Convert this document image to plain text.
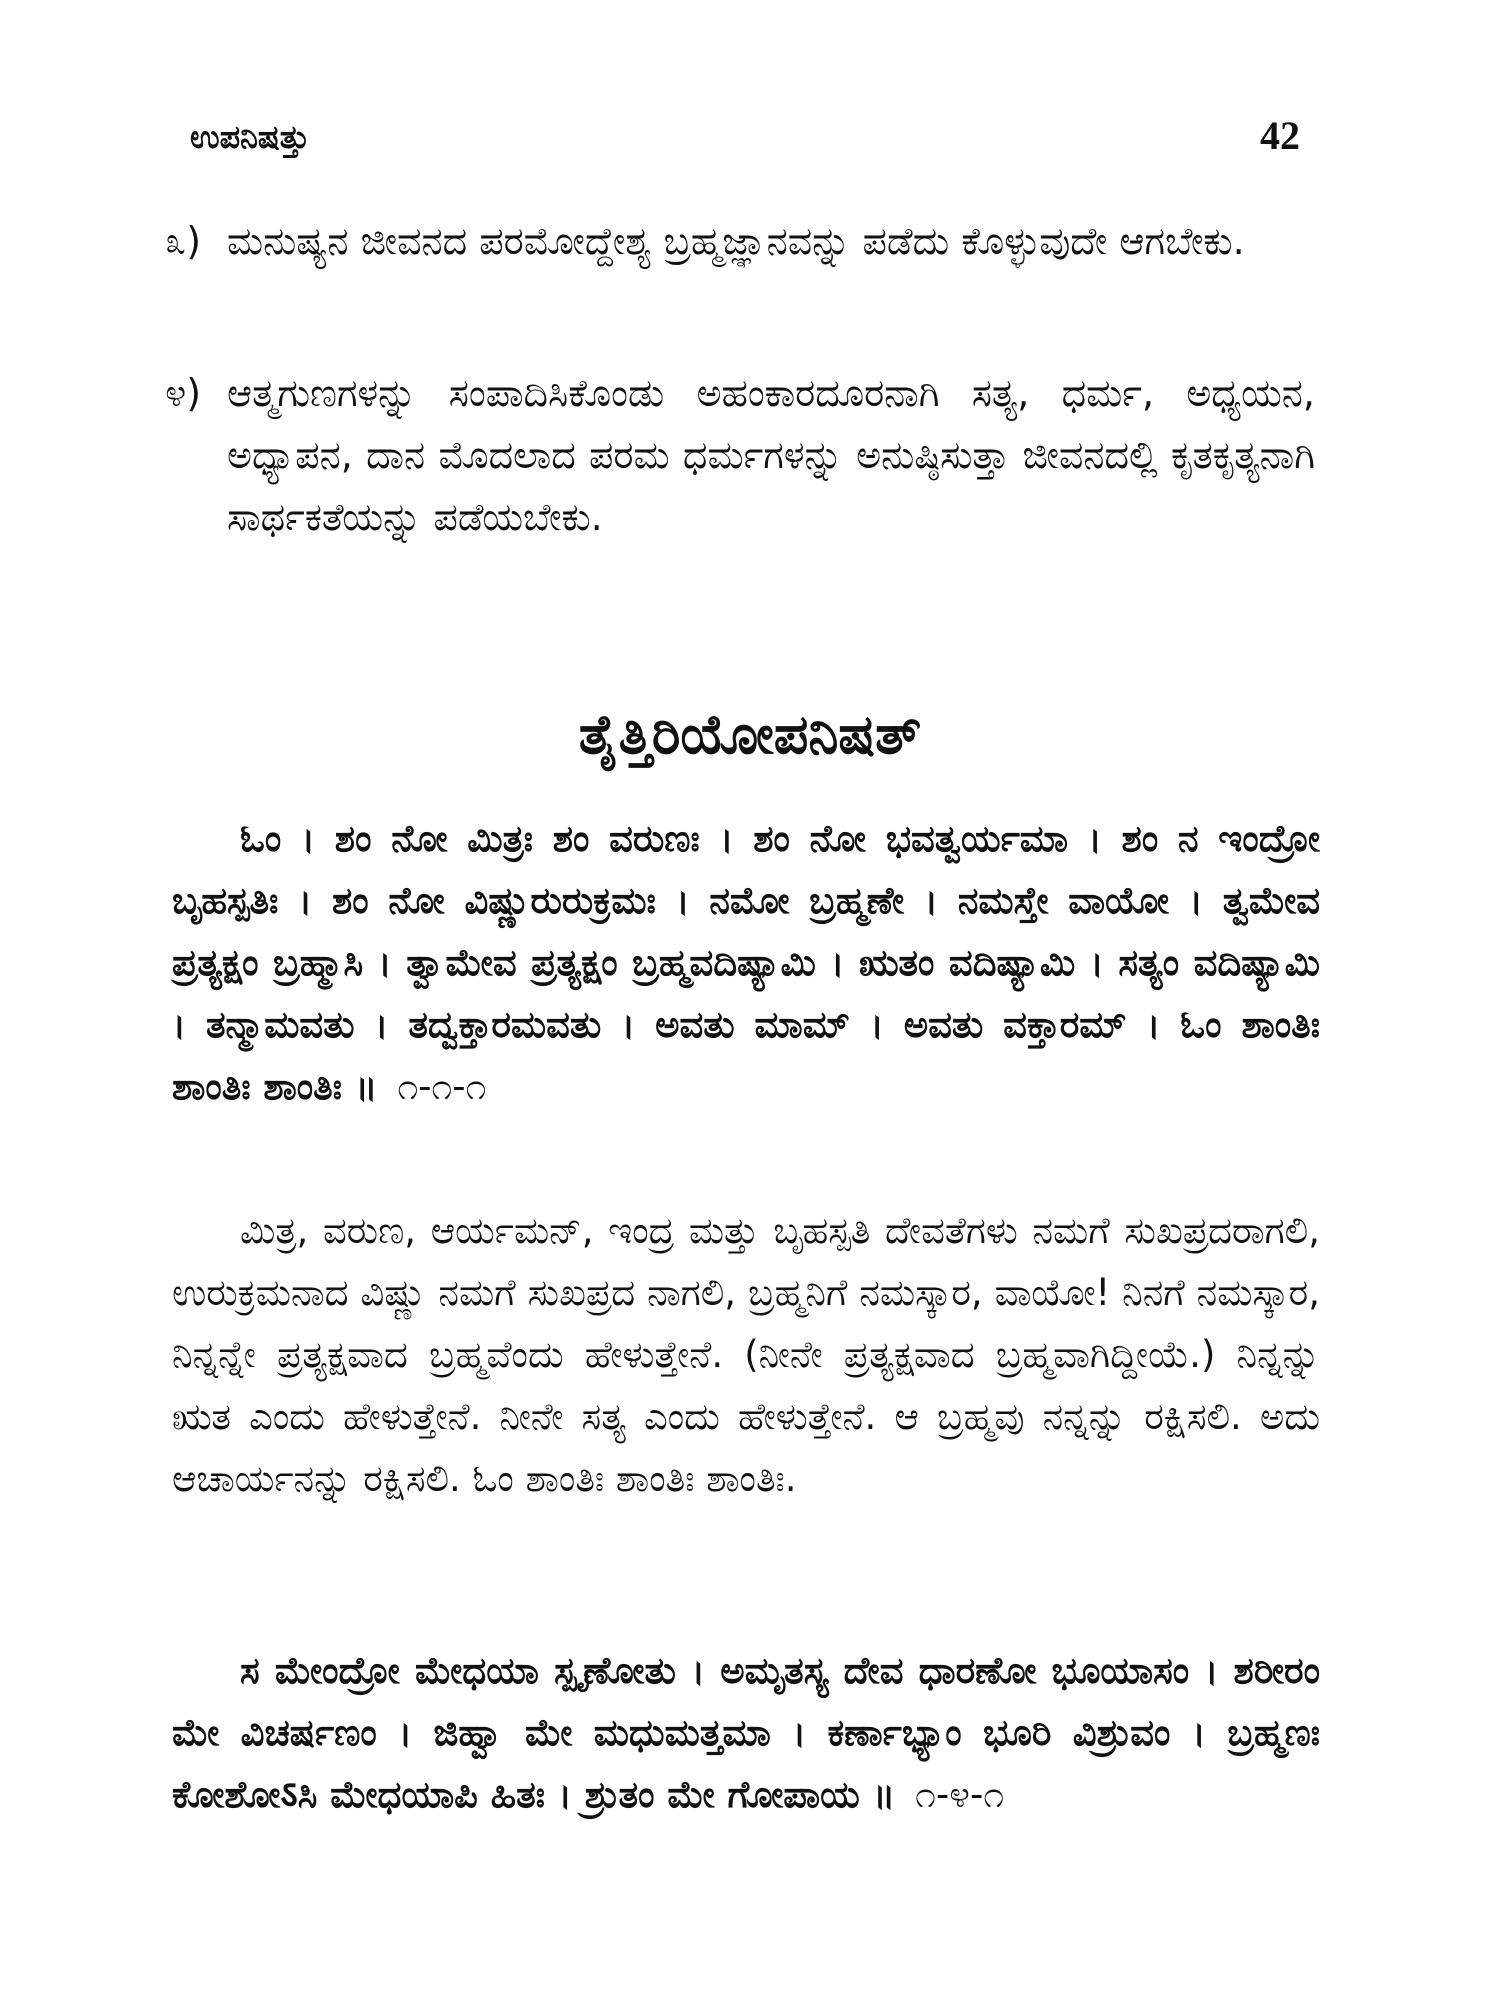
ಉಪನಿಷತ್ತು	42
೩) ಮನುಷ್ಯನ ಜೀವನದ ಪರಮೋದ್ದೇಶ್ಯ ಬ್ರಹ್ಮಜ್ಞಾನವನ್ನು ಪಡೆದು ಕೊಳ್ಳುವುದೇ ಆಗಬೇಕು.
೪) ಆತ್ಮಗುಣಗಳನ್ನು ಸಂಪಾದಿಸಿಕೊಂಡು ಅಹಂಕಾರದೂರನಾಗಿ ಸತ್ಯ, ಧರ್ಮ, ಅಧ್ಯಯನ, ಅಧ್ಯಾಪನ, ದಾನ ಮೊದಲಾದ ಪರಮ ಧರ್ಮಗಳನ್ನು ಅನುಷ್ಠಿಸುತ್ತಾ ಜೀವನದಲ್ಲಿ ಕೃತಕೃತ್ಯನಾಗಿ ಸಾರ್ಥಕತೆಯನ್ನು ಪಡೆಯಬೇಕು.
ತೈತ್ತಿರಿಯೋಪನಿಷತ್
ಓಂ । ಶಂ ನೋ ಮಿತ್ರಃ ಶಂ ವರುಣಃ । ಶಂ ನೋ ಭವತ್ವರ್ಯಮಾ । ಶಂ ನ ಇಂದ್ರೋ ಬೃಹಸ್ಪತಿಃ । ಶಂ ನೋ ವಿಷ್ಣುರುರುಕ್ರಮಃ । ನಮೋ ಬ್ರಹ್ಮಣೇ । ನಮಸ್ತೇ ವಾಯೋ । ತ್ವಮೇವ ಪ್ರತ್ಯಕ್ಷಂ ಬ್ರಹ್ಮಾಸಿ । ತ್ವಾಮೇವ ಪ್ರತ್ಯಕ್ಷಂ ಬ್ರಹ್ಮವದಿಷ್ಯಾಮಿ । ಋತಂ ವದಿಷ್ಯಾಮಿ । ಸತ್ಯಂ ವದಿಷ್ಯಾಮಿ । ತನ್ಮಾಮವತು । ತದ್ವಕ್ತಾರಮವತು । ಅವತು ಮಾಮ್ । ಅವತು ವಕ್ತಾರಮ್ । ಓಂ ಶಾಂತಿಃ ಶಾಂತಿಃ ಶಾಂತಿಃ ॥ ೧-೧-೧
ಮಿತ್ರ, ವರುಣ, ಆರ್ಯಮನ್, ಇಂದ್ರ ಮತ್ತು ಬೃಹಸ್ಪತಿ ದೇವತೆಗಳು ನಮಗೆ ಸುಖಪ್ರದರಾಗಲಿ, ಉರುಕ್ರಮನಾದ ವಿಷ್ಣು ನಮಗೆ ಸುಖಪ್ರದ ನಾಗಲಿ, ಬ್ರಹ್ಮನಿಗೆ ನಮಸ್ಕಾರ, ವಾಯೋ! ನಿನಗೆ ನಮಸ್ಕಾರ, ನಿನ್ನನ್ನೇ ಪ್ರತ್ಯಕ್ಷವಾದ ಬ್ರಹ್ಮವೆಂದು ಹೇಳುತ್ತೇನೆ. (ನೀನೇ ಪ್ರತ್ಯಕ್ಷವಾದ ಬ್ರಹ್ಮವಾಗಿದ್ದೀಯೆ.) ನಿನ್ನನ್ನು ಋತ ಎಂದು ಹೇಳುತ್ತೇನೆ. ನೀನೇ ಸತ್ಯ ಎಂದು ಹೇಳುತ್ತೇನೆ. ಆ ಬ್ರಹ್ಮವು ನನ್ನನ್ನು ರಕ್ಷಿಸಲಿ. ಅದು ಆಚಾರ್ಯನನ್ನು ರಕ್ಷಿಸಲಿ. ಓಂ ಶಾಂತಿಃ ಶಾಂತಿಃ ಶಾಂತಿಃ.
ಸ ಮೇಂದ್ರೋ ಮೇಧಯಾ ಸ್ಪೃಣೋತು । ಅಮೃತಸ್ಯ ದೇವ ಧಾರಣೋ ಭೂಯಾಸಂ । ಶರೀರಂ ಮೇ ವಿಚರ್ಷಣಂ । ಜಿಹ್ವಾ ಮೇ ಮಧುಮತ್ತಮಾ । ಕರ್ಣಾಭ್ಯಾಂ ಭೂರಿ ವಿಶ್ರುವಂ । ಬ್ರಹ್ಮಣಃ ಕೋಶೋऽಸಿ ಮೇಧಯಾಪಿ ಹಿತಃ । ಶ್ರುತಂ ಮೇ ಗೋಪಾಯ ॥ ೧-೪-೧
